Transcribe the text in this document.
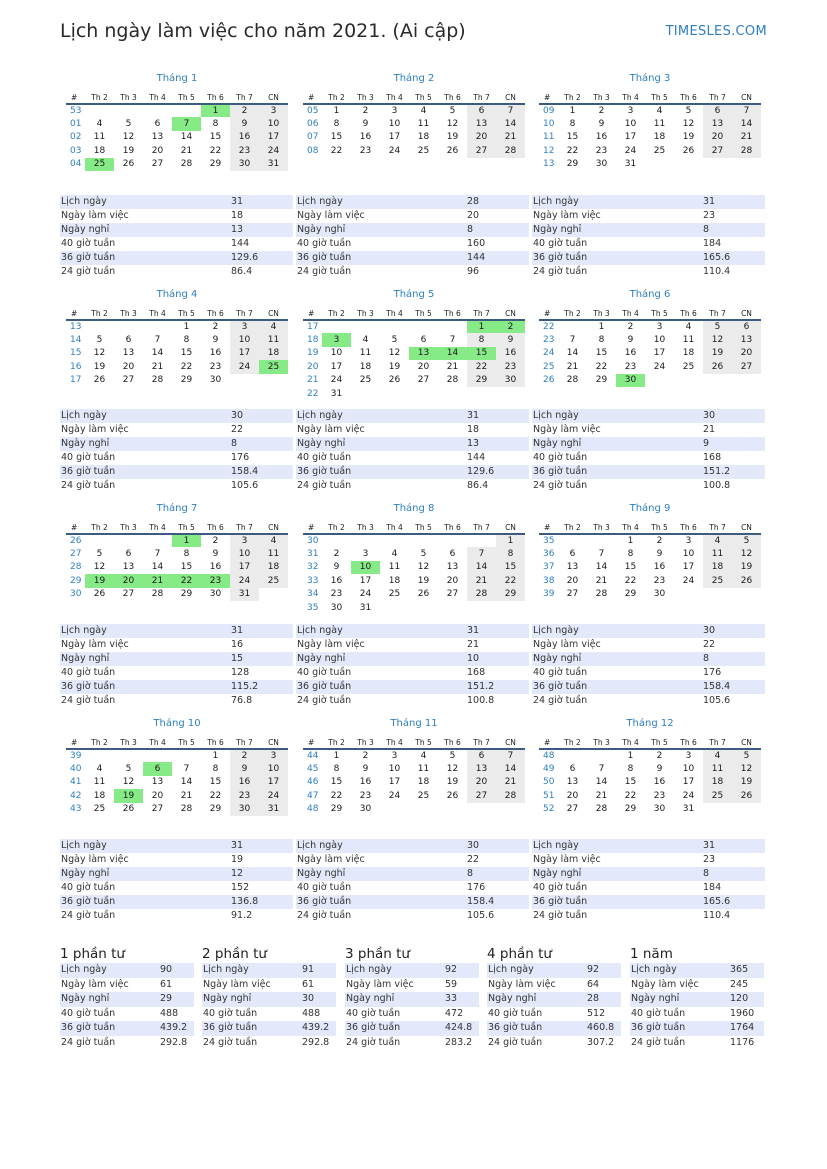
Lịch ngày làm việc cho năm 2021. (Ai cập)	TIMESLES.COM
Tháng 1
#	Th 2	Th 3	Th 4	Th 5	Th 6	Th 7	CN
53					1	2	3
01	4	5	6	7	8	9	10
02	11	12	13	14	15	16	17
03	18	19	20	21	22	23	24
04	25	26	27	28	29	30	31
Lịch ngày	31
Ngày làm việc	18
Ngày nghỉ	13
40 giờ tuần	144
36 giờ tuần	129.6
24 giờ tuần	86.4
Tháng 2
#	Th 2	Th 3	Th 4	Th 5	Th 6	Th 7	CN
05	1	2	3	4	5	6	7
06	8	9	10	11	12	13	14
07	15	16	17	18	19	20	21
08	22	23	24	25	26	27	28
Lịch ngày	28
Ngày làm việc	20
Ngày nghỉ	8
40 giờ tuần	160
36 giờ tuần	144
24 giờ tuần	96
Tháng 3
#	Th 2	Th 3	Th 4	Th 5	Th 6	Th 7	CN
09	1	2	3	4	5	6	7
10	8	9	10	11	12	13	14
11	15	16	17	18	19	20	21
12	22	23	24	25	26	27	28
13	29	30	31				
Lịch ngày	31
Ngày làm việc	23
Ngày nghỉ	8
40 giờ tuần	184
36 giờ tuần	165.6
24 giờ tuần	110.4
Tháng 4
#	Th 2	Th 3	Th 4	Th 5	Th 6	Th 7	CN
13				1	2	3	4
14	5	6	7	8	9	10	11
15	12	13	14	15	16	17	18
16	19	20	21	22	23	24	25
17	26	27	28	29	30		
Lịch ngày	30
Ngày làm việc	22
Ngày nghỉ	8
40 giờ tuần	176
36 giờ tuần	158.4
24 giờ tuần	105.6
Tháng 5
#	Th 2	Th 3	Th 4	Th 5	Th 6	Th 7	CN
17						1	2
18	3	4	5	6	7	8	9
19	10	11	12	13	14	15	16
20	17	18	19	20	21	22	23
21	24	25	26	27	28	29	30
22	31						
Lịch ngày	31
Ngày làm việc	18
Ngày nghỉ	13
40 giờ tuần	144
36 giờ tuần	129.6
24 giờ tuần	86.4
Tháng 6
#	Th 2	Th 3	Th 4	Th 5	Th 6	Th 7	CN
22		1	2	3	4	5	6
23	7	8	9	10	11	12	13
24	14	15	16	17	18	19	20
25	21	22	23	24	25	26	27
26	28	29	30				
Lịch ngày	30
Ngày làm việc	21
Ngày nghỉ	9
40 giờ tuần	168
36 giờ tuần	151.2
24 giờ tuần	100.8
Tháng 7
#	Th 2	Th 3	Th 4	Th 5	Th 6	Th 7	CN
26				1	2	3	4
27	5	6	7	8	9	10	11
28	12	13	14	15	16	17	18
29	19	20	21	22	23	24	25
30	26	27	28	29	30	31	
Lịch ngày	31
Ngày làm việc	16
Ngày nghỉ	15
40 giờ tuần	128
36 giờ tuần	115.2
24 giờ tuần	76.8
Tháng 8
#	Th 2	Th 3	Th 4	Th 5	Th 6	Th 7	CN
30							1
31	2	3	4	5	6	7	8
32	9	10	11	12	13	14	15
33	16	17	18	19	20	21	22
34	23	24	25	26	27	28	29
35	30	31					
Lịch ngày	31
Ngày làm việc	21
Ngày nghỉ	10
40 giờ tuần	168
36 giờ tuần	151.2
24 giờ tuần	100.8
Tháng 9
#	Th 2	Th 3	Th 4	Th 5	Th 6	Th 7	CN
35			1	2	3	4	5
36	6	7	8	9	10	11	12
37	13	14	15	16	17	18	19
38	20	21	22	23	24	25	26
39	27	28	29	30			
Lịch ngày	30
Ngày làm việc	22
Ngày nghỉ	8
40 giờ tuần	176
36 giờ tuần	158.4
24 giờ tuần	105.6
Tháng 10
#	Th 2	Th 3	Th 4	Th 5	Th 6	Th 7	CN
39					1	2	3
40	4	5	6	7	8	9	10
41	11	12	13	14	15	16	17
42	18	19	20	21	22	23	24
43	25	26	27	28	29	30	31
Lịch ngày	31
Ngày làm việc	19
Ngày nghỉ	12
40 giờ tuần	152
36 giờ tuần	136.8
24 giờ tuần	91.2
Tháng 11
#	Th 2	Th 3	Th 4	Th 5	Th 6	Th 7	CN
44	1	2	3	4	5	6	7
45	8	9	10	11	12	13	14
46	15	16	17	18	19	20	21
47	22	23	24	25	26	27	28
48	29	30					
Lịch ngày	30
Ngày làm việc	22
Ngày nghỉ	8
40 giờ tuần	176
36 giờ tuần	158.4
24 giờ tuần	105.6
Tháng 12
#	Th 2	Th 3	Th 4	Th 5	Th 6	Th 7	CN
48			1	2	3	4	5
49	6	7	8	9	10	11	12
50	13	14	15	16	17	18	19
51	20	21	22	23	24	25	26
52	27	28	29	30	31		
Lịch ngày	31
Ngày làm việc	23
Ngày nghỉ	8
40 giờ tuần	184
36 giờ tuần	165.6
24 giờ tuần	110.4
1 phần tư
Lịch ngày	90
Ngày làm việc	61
Ngày nghỉ	29
40 giờ tuần	488
36 giờ tuần	439.2
24 giờ tuần	292.8
2 phần tư
Lịch ngày	91
Ngày làm việc	61
Ngày nghỉ	30
40 giờ tuần	488
36 giờ tuần	439.2
24 giờ tuần	292.8
3 phần tư
Lịch ngày	92
Ngày làm việc	59
Ngày nghỉ	33
40 giờ tuần	472
36 giờ tuần	424.8
24 giờ tuần	283.2
4 phần tư
Lịch ngày	92
Ngày làm việc	64
Ngày nghỉ	28
40 giờ tuần	512
36 giờ tuần	460.8
24 giờ tuần	307.2
1 năm
Lịch ngày	365
Ngày làm việc	245
Ngày nghỉ	120
40 giờ tuần	1960
36 giờ tuần	1764
24 giờ tuần	1176
